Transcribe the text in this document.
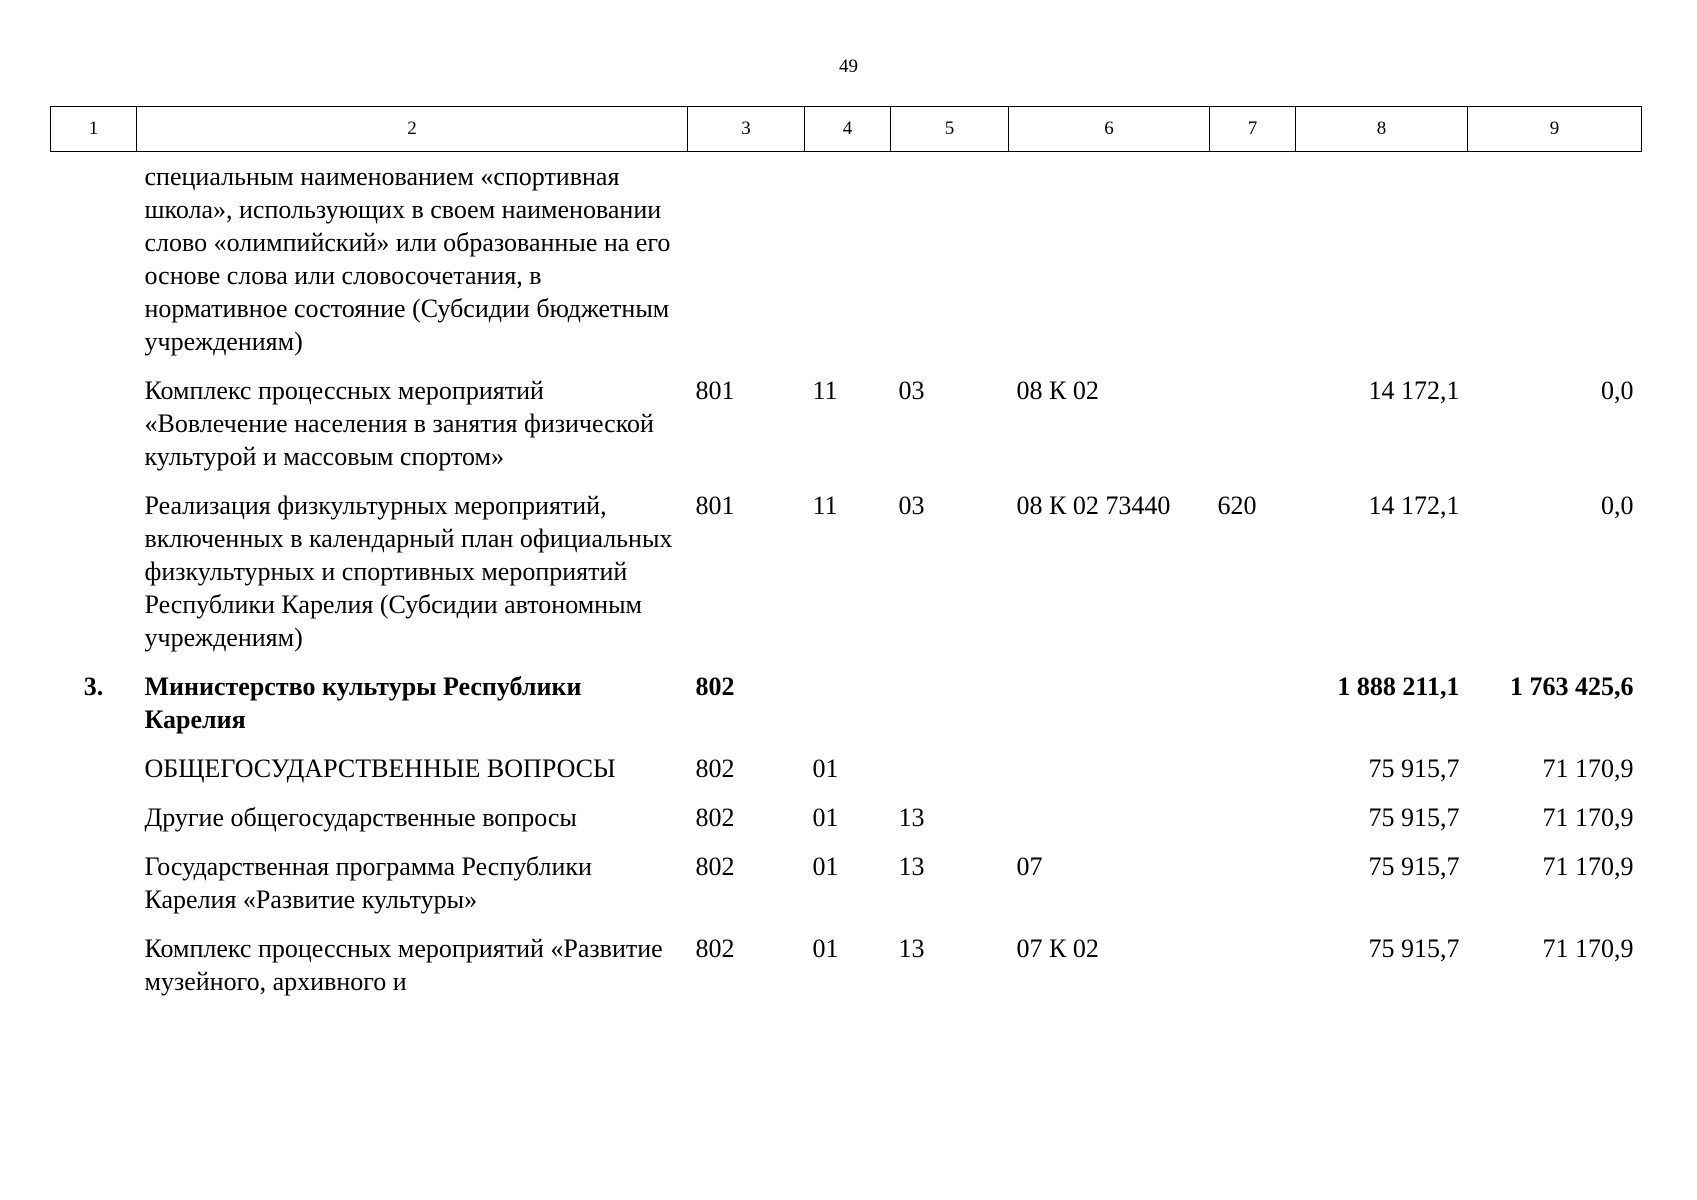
49
1	2	3	4	5	6	7	8	9
	специальным наименованием «спортивная школа», использующих в своем наименовании слово «олимпийский» или образованные на его основе слова или словосочетания, в нормативное состояние (Субсидии бюджетным учреждениям)							
	Комплекс процессных мероприятий «Вовлечение населения в занятия физической культурой и массовым спортом»	801	11	03	08 К 02		14 172,1	0,0
	Реализация физкультурных мероприятий, включенных в календарный план официальных физкультурных и спортивных мероприятий Республики Карелия (Субсидии автономным учреждениям)	801	11	03	08 К 02 73440	620	14 172,1	0,0
3.	Министерство культуры Республики Карелия	802					1 888 211,1	1 763 425,6
	ОБЩЕГОСУДАРСТВЕННЫЕ ВОПРОСЫ	802	01				75 915,7	71 170,9
	Другие общегосударственные вопросы	802	01	13			75 915,7	71 170,9
	Государственная программа Республики Карелия «Развитие культуры»	802	01	13	07		75 915,7	71 170,9
	Комплекс процессных мероприятий «Развитие музейного, архивного и	802	01	13	07 К 02		75 915,7	71 170,9
